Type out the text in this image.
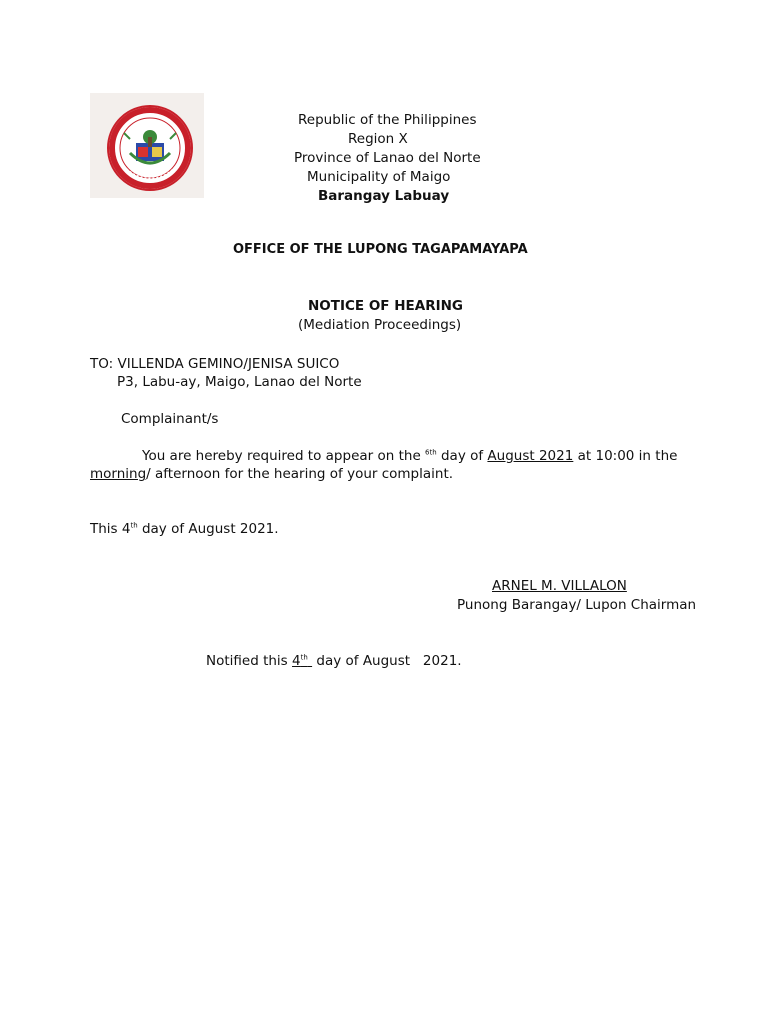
Republic of the Philippines
Region X
Province of Lanao del Norte
Municipality of Maigo
Barangay Labuay
OFFICE OF THE LUPONG TAGAPAMAYAPA
NOTICE OF HEARING
(Mediation Proceedings)
TO: VILLENDA GEMINO/JENISA SUICO
P3, Labu-ay, Maigo, Lanao del Norte
Complainant/s
You are hereby required to appear on the $^{6th}$ day of August 2021 at 10:00 in the
morning/ afternoon for the hearing of your complaint.
This 4th day of August 2021.
ARNEL M. VILLALON
Punong Barangay/ Lupon Chairman
Notified this 4th day of August   2021.
